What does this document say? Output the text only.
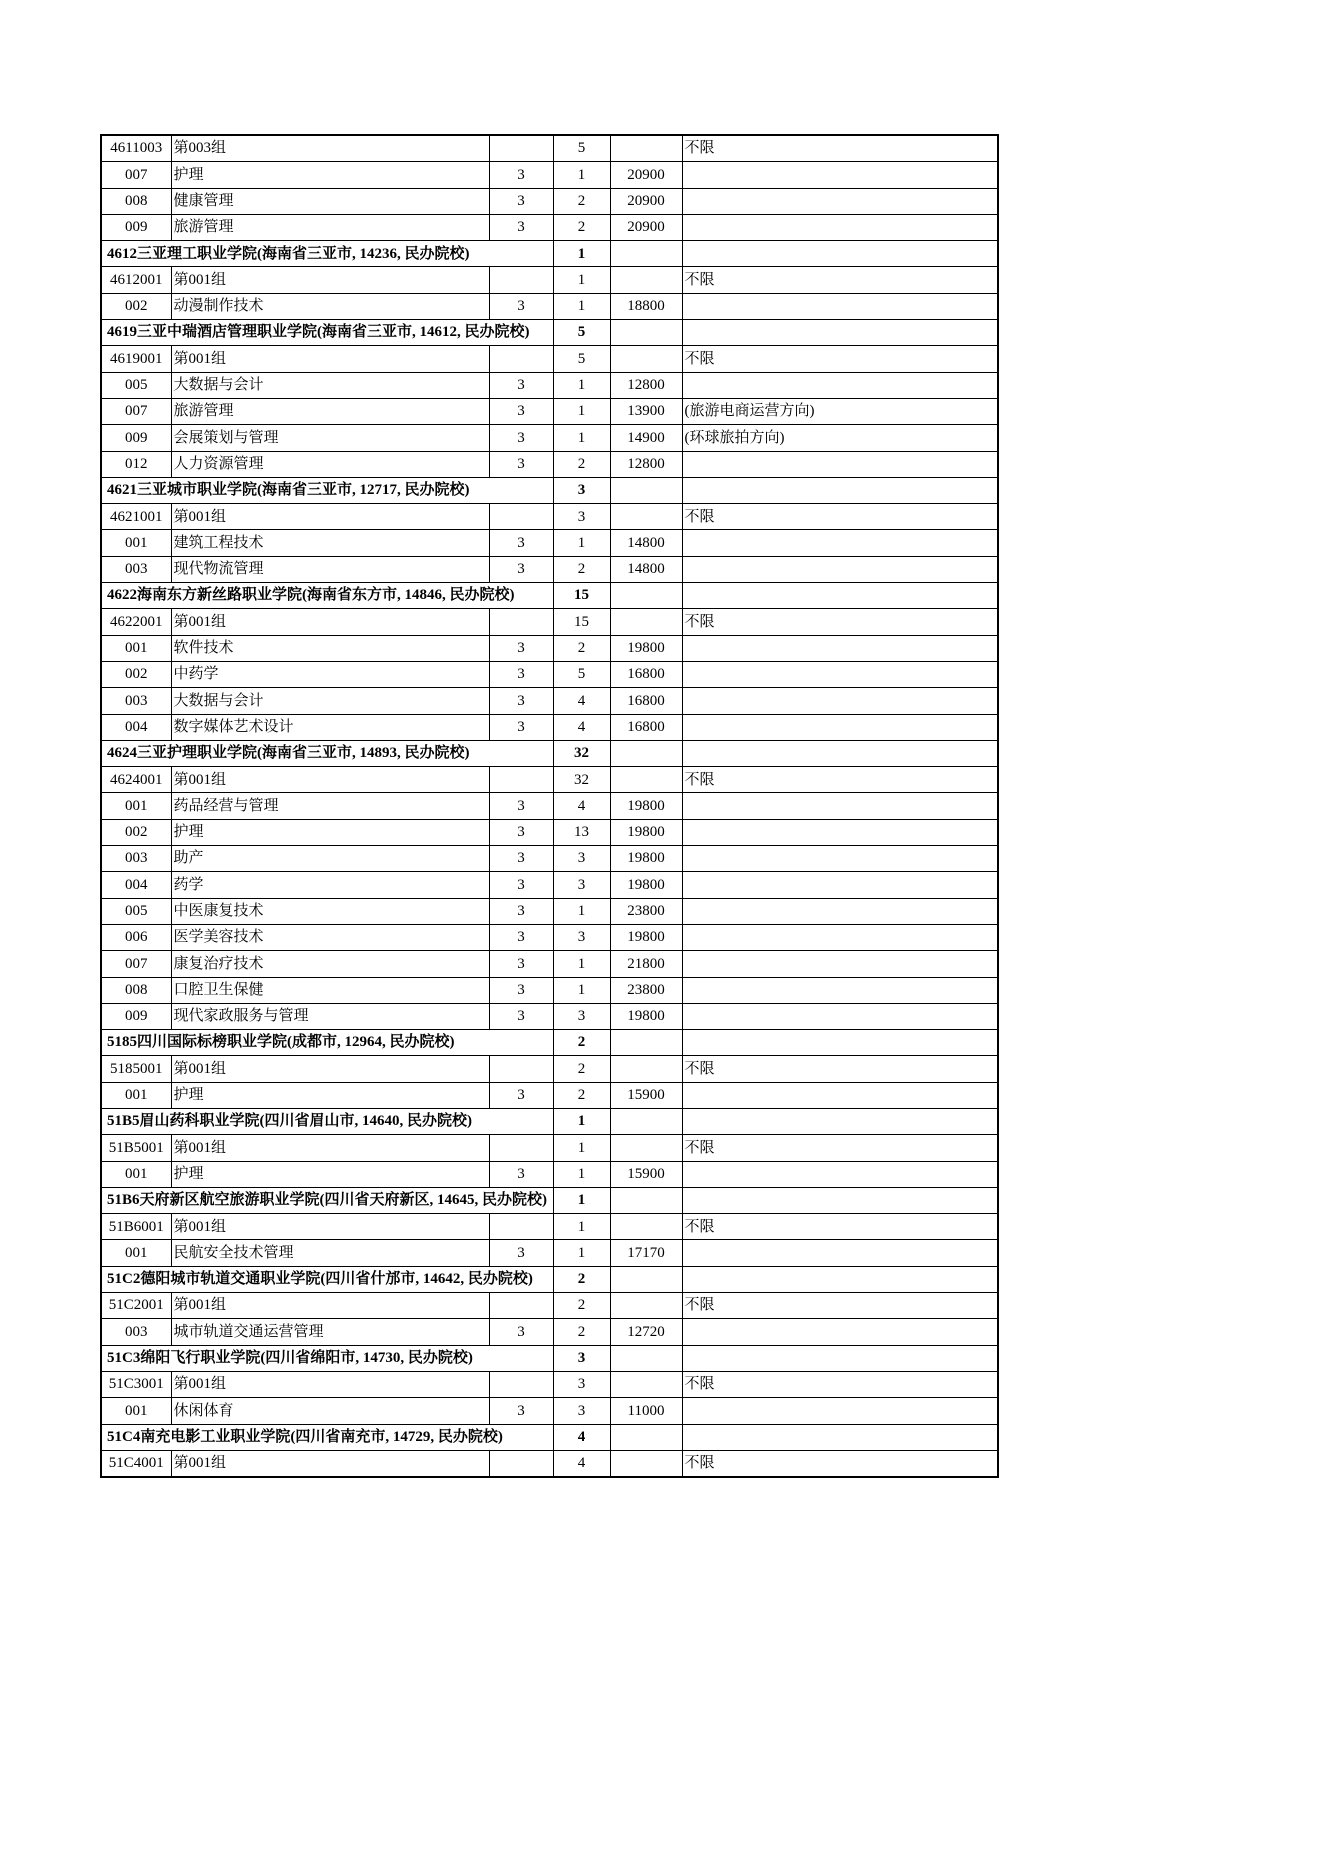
4611003	第003组		5		不限
007	护理	3	1	20900	
008	健康管理	3	2	20900	
009	旅游管理	3	2	20900	
4612三亚理工职业学院(海南省三亚市, 14236, 民办院校)			1		
4612001	第001组		1		不限
002	动漫制作技术	3	1	18800	
4619三亚中瑞酒店管理职业学院(海南省三亚市, 14612, 民办院校)			5		
4619001	第001组		5		不限
005	大数据与会计	3	1	12800	
007	旅游管理	3	1	13900	(旅游电商运营方向)
009	会展策划与管理	3	1	14900	(环球旅拍方向)
012	人力资源管理	3	2	12800	
4621三亚城市职业学院(海南省三亚市, 12717, 民办院校)			3		
4621001	第001组		3		不限
001	建筑工程技术	3	1	14800	
003	现代物流管理	3	2	14800	
4622海南东方新丝路职业学院(海南省东方市, 14846, 民办院校)			15		
4622001	第001组		15		不限
001	软件技术	3	2	19800	
002	中药学	3	5	16800	
003	大数据与会计	3	4	16800	
004	数字媒体艺术设计	3	4	16800	
4624三亚护理职业学院(海南省三亚市, 14893, 民办院校)			32		
4624001	第001组		32		不限
001	药品经营与管理	3	4	19800	
002	护理	3	13	19800	
003	助产	3	3	19800	
004	药学	3	3	19800	
005	中医康复技术	3	1	23800	
006	医学美容技术	3	3	19800	
007	康复治疗技术	3	1	21800	
008	口腔卫生保健	3	1	23800	
009	现代家政服务与管理	3	3	19800	
5185四川国际标榜职业学院(成都市, 12964, 民办院校)			2		
5185001	第001组		2		不限
001	护理	3	2	15900	
51B5眉山药科职业学院(四川省眉山市, 14640, 民办院校)			1		
51B5001	第001组		1		不限
001	护理	3	1	15900	
51B6天府新区航空旅游职业学院(四川省天府新区, 14645, 民办院校)			1		
51B6001	第001组		1		不限
001	民航安全技术管理	3	1	17170	
51C2德阳城市轨道交通职业学院(四川省什邡市, 14642, 民办院校)			2		
51C2001	第001组		2		不限
003	城市轨道交通运营管理	3	2	12720	
51C3绵阳飞行职业学院(四川省绵阳市, 14730, 民办院校)			3		
51C3001	第001组		3		不限
001	休闲体育	3	3	11000	
51C4南充电影工业职业学院(四川省南充市, 14729, 民办院校)			4		
51C4001	第001组		4		不限
